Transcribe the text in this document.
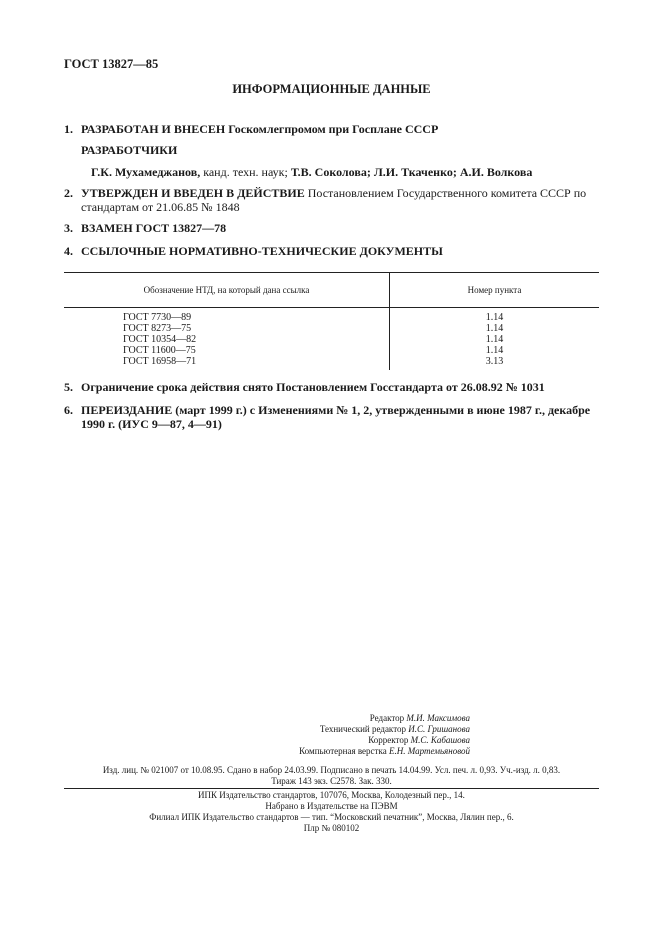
ГОСТ 13827—85
ИНФОРМАЦИОННЫЕ ДАННЫЕ
1. РАЗРАБОТАН И ВНЕСЕН Госкомлегпромом при Госплане СССР
РАЗРАБОТЧИКИ
Г.К. Мухамеджанов, канд. техн. наук; Т.В. Соколова; Л.И. Ткаченко; А.И. Волкова
2. УТВЕРЖДЕН И ВВЕДЕН В ДЕЙСТВИЕ Постановлением Государственного комитета СССР по стандартам от 21.06.85 № 1848
3. ВЗАМЕН ГОСТ 13827—78
4. ССЫЛОЧНЫЕ НОРМАТИВНО-ТЕХНИЧЕСКИЕ ДОКУМЕНТЫ
Обозначение НТД, на который дана ссылка	Номер пункта
ГОСТ 7730—89	1.14
ГОСТ 8273—75	1.14
ГОСТ 10354—82	1.14
ГОСТ 11600—75	1.14
ГОСТ 16958—71	3.13
5. Ограничение срока действия снято Постановлением Госстандарта от 26.08.92 № 1031
6. ПЕРЕИЗДАНИЕ (март 1999 г.) с Изменениями № 1, 2, утвержденными в июне 1987 г., декабре 1990 г. (ИУС 9—87, 4—91)
Редактор М.И. Максимова
Технический редактор И.С. Гришанова
Корректор М.С. Кабашова
Компьютерная верстка Е.Н. Мартемьяновой
Изд. лиц. № 021007 от 10.08.95. Сдано в набор 24.03.99. Подписано в печать 14.04.99. Усл. печ. л. 0,93. Уч.-изд. л. 0,83.
Тираж 143 экз. С2578. Зак. 330.
ИПК Издательство стандартов, 107076, Москва, Колодезный пер., 14.
Набрано в Издательстве на ПЭВМ
Филиал ИПК Издательство стандартов — тип. “Московский печатник”, Москва, Лялин пер., 6.
Плр № 080102
